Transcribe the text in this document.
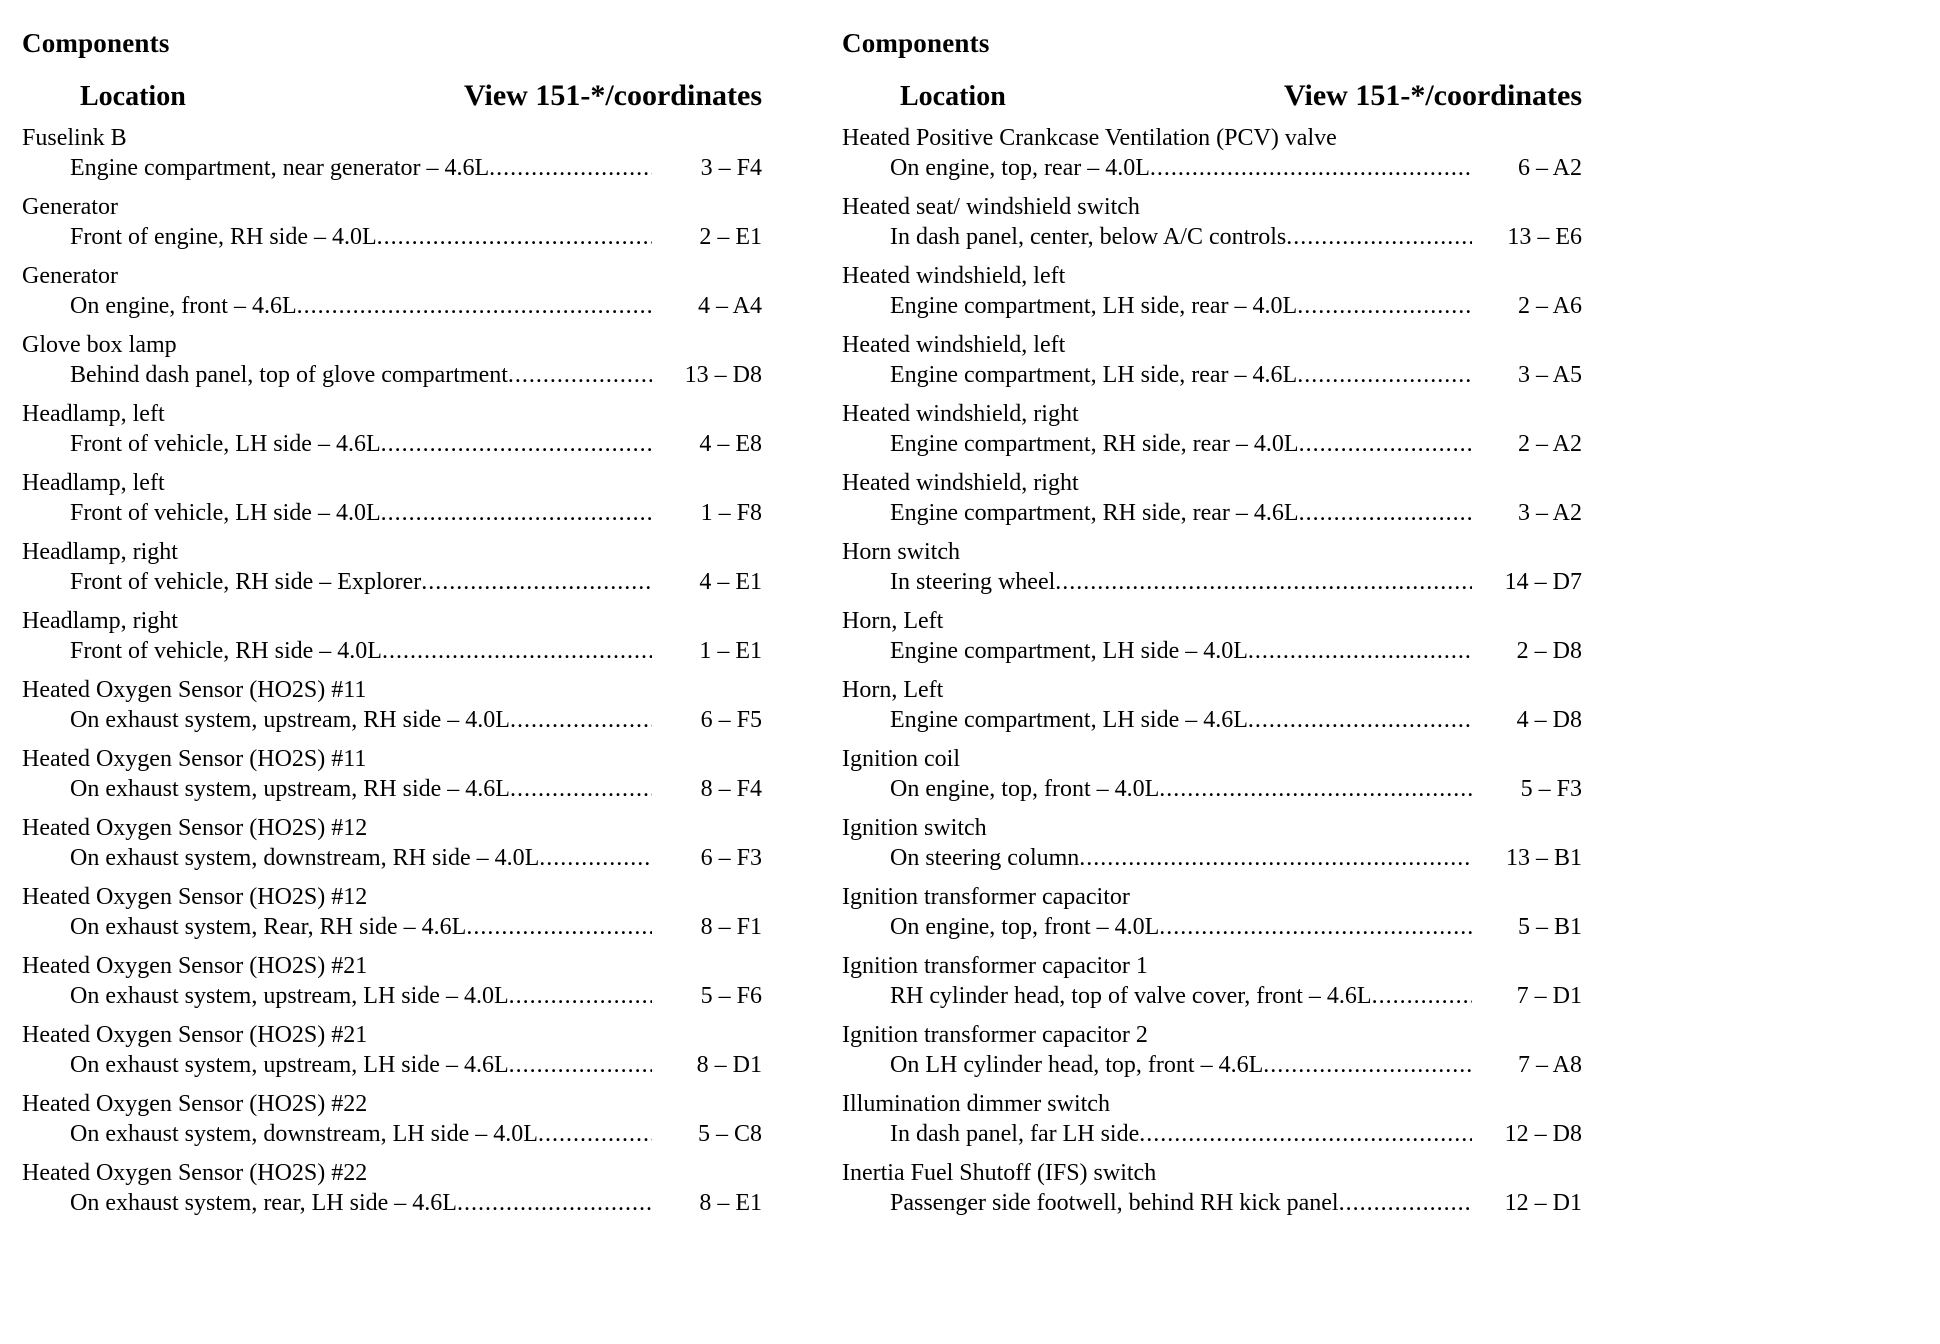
Components
Location	View 151-*/coordinates
Fuselink B
Engine compartment, near generator – 4.6L .....	3 – F4
Generator
Front of engine, RH side – 4.0L .....	2 – E1
Generator
On engine, front – 4.6L .....	4 – A4
Glove box lamp
Behind dash panel, top of glove compartment .....	13 – D8
Headlamp, left
Front of vehicle, LH side – 4.6L .....	4 – E8
Headlamp, left
Front of vehicle, LH side – 4.0L .....	1 – F8
Headlamp, right
Front of vehicle, RH side – Explorer .....	4 – E1
Headlamp, right
Front of vehicle, RH side – 4.0L .....	1 – E1
Heated Oxygen Sensor (HO2S) #11
On exhaust system, upstream, RH side – 4.0L .....	6 – F5
Heated Oxygen Sensor (HO2S) #11
On exhaust system, upstream, RH side – 4.6L .....	8 – F4
Heated Oxygen Sensor (HO2S) #12
On exhaust system, downstream, RH side – 4.0L .....	6 – F3
Heated Oxygen Sensor (HO2S) #12
On exhaust system, Rear, RH side – 4.6L .....	8 – F1
Heated Oxygen Sensor (HO2S) #21
On exhaust system, upstream, LH side – 4.0L .....	5 – F6
Heated Oxygen Sensor (HO2S) #21
On exhaust system, upstream, LH side – 4.6L .....	8 – D1
Heated Oxygen Sensor (HO2S) #22
On exhaust system, downstream, LH side – 4.0L .....	5 – C8
Heated Oxygen Sensor (HO2S) #22
On exhaust system, rear, LH side – 4.6L .....	8 – E1
Components
Location	View 151-*/coordinates
Heated Positive Crankcase Ventilation (PCV) valve
On engine, top, rear – 4.0L .....	6 – A2
Heated seat/ windshield switch
In dash panel, center, below A/C controls .....	13 – E6
Heated windshield, left
Engine compartment, LH side, rear – 4.0L .....	2 – A6
Heated windshield, left
Engine compartment, LH side, rear – 4.6L .....	3 – A5
Heated windshield, right
Engine compartment, RH side, rear – 4.0L .....	2 – A2
Heated windshield, right
Engine compartment, RH side, rear – 4.6L .....	3 – A2
Horn switch
In steering wheel .....	14 – D7
Horn, Left
Engine compartment, LH side – 4.0L .....	2 – D8
Horn, Left
Engine compartment, LH side – 4.6L .....	4 – D8
Ignition coil
On engine, top, front – 4.0L .....	5 – F3
Ignition switch
On steering column .....	13 – B1
Ignition transformer capacitor
On engine, top, front – 4.0L .....	5 – B1
Ignition transformer capacitor 1
RH cylinder head, top of valve cover, front – 4.6L .....	7 – D1
Ignition transformer capacitor 2
On LH cylinder head, top, front – 4.6L .....	7 – A8
Illumination dimmer switch
In dash panel, far LH side .....	12 – D8
Inertia Fuel Shutoff (IFS) switch
Passenger side footwell, behind RH kick panel .....	12 – D1
